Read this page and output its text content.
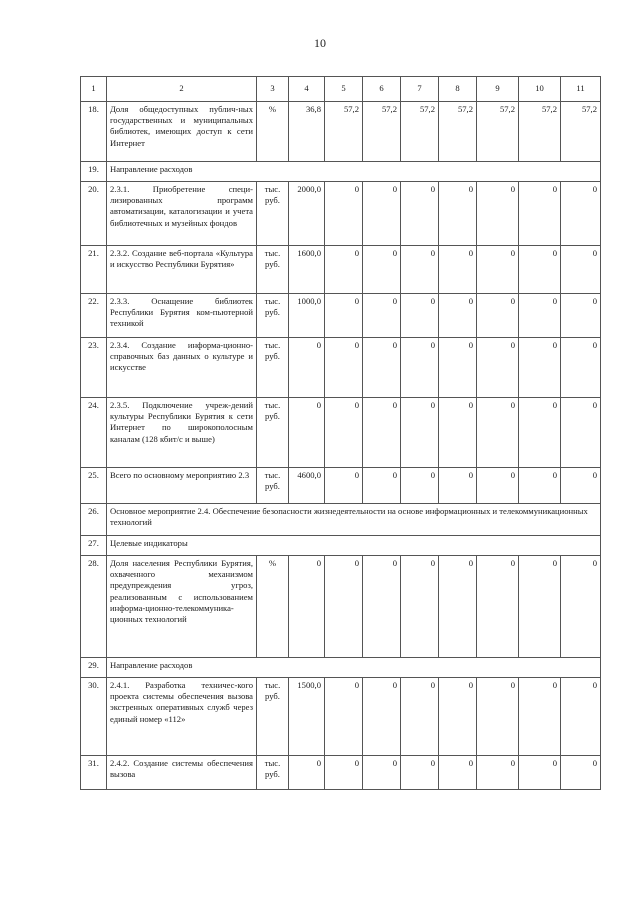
10
1	2	3	4	5	6	7	8	9	10	11
18.	Доля общедоступных публич-ных государственных и муниципальных библиотек, имеющих доступ к сети Интернет	%	36,8	57,2	57,2	57,2	57,2	57,2	57,2	57,2
19.	Направление расходов									
20.	2.3.1. Приобретение специ-лизированных программ автоматизации, каталогизации и учета библиотечных и музейных фондов	тыс. руб.	2000,0	0	0	0	0	0	0	0
21.	2.3.2. Создание веб-портала «Культура и искусство Республики Бурятия»	тыс. руб.	1600,0	0	0	0	0	0	0	0
22.	2.3.3. Оснащение библиотек Республики Бурятия ком-пьютерной техникой	тыс. руб.	1000,0	0	0	0	0	0	0	0
23.	2.3.4. Создание информа-ционно-справочных баз данных о культуре и искусстве	тыс. руб.	0	0	0	0	0	0	0	0
24.	2.3.5. Подключение учреж-дений культуры Республики Бурятия к сети Интернет по широкополосным каналам (128 кбит/с и выше)	тыс. руб.	0	0	0	0	0	0	0	0
25.	Всего по основному мероприятию 2.3	тыс. руб.	4600,0	0	0	0	0	0	0	0
26.	Основное мероприятие 2.4. Обеспечение безопасности жизнедеятельности на основе информационных и телекоммуникационных технологий									
27.	Целевые индикаторы									
28.	Доля населения Республики Бурятия, охваченного механизмом предупреждения угроз, реализованным с использованием информа-ционно-телекоммуника-ционных технологий	%	0	0	0	0	0	0	0	0
29.	Направление расходов									
30.	2.4.1. Разработка техничес-кого проекта системы обеспечения вызова экстренных оперативных служб через единый номер «112»	тыс. руб.	1500,0	0	0	0	0	0	0	0
31.	2.4.2. Создание системы обеспечения вызова	тыс. руб.	0	0	0	0	0	0	0	0
